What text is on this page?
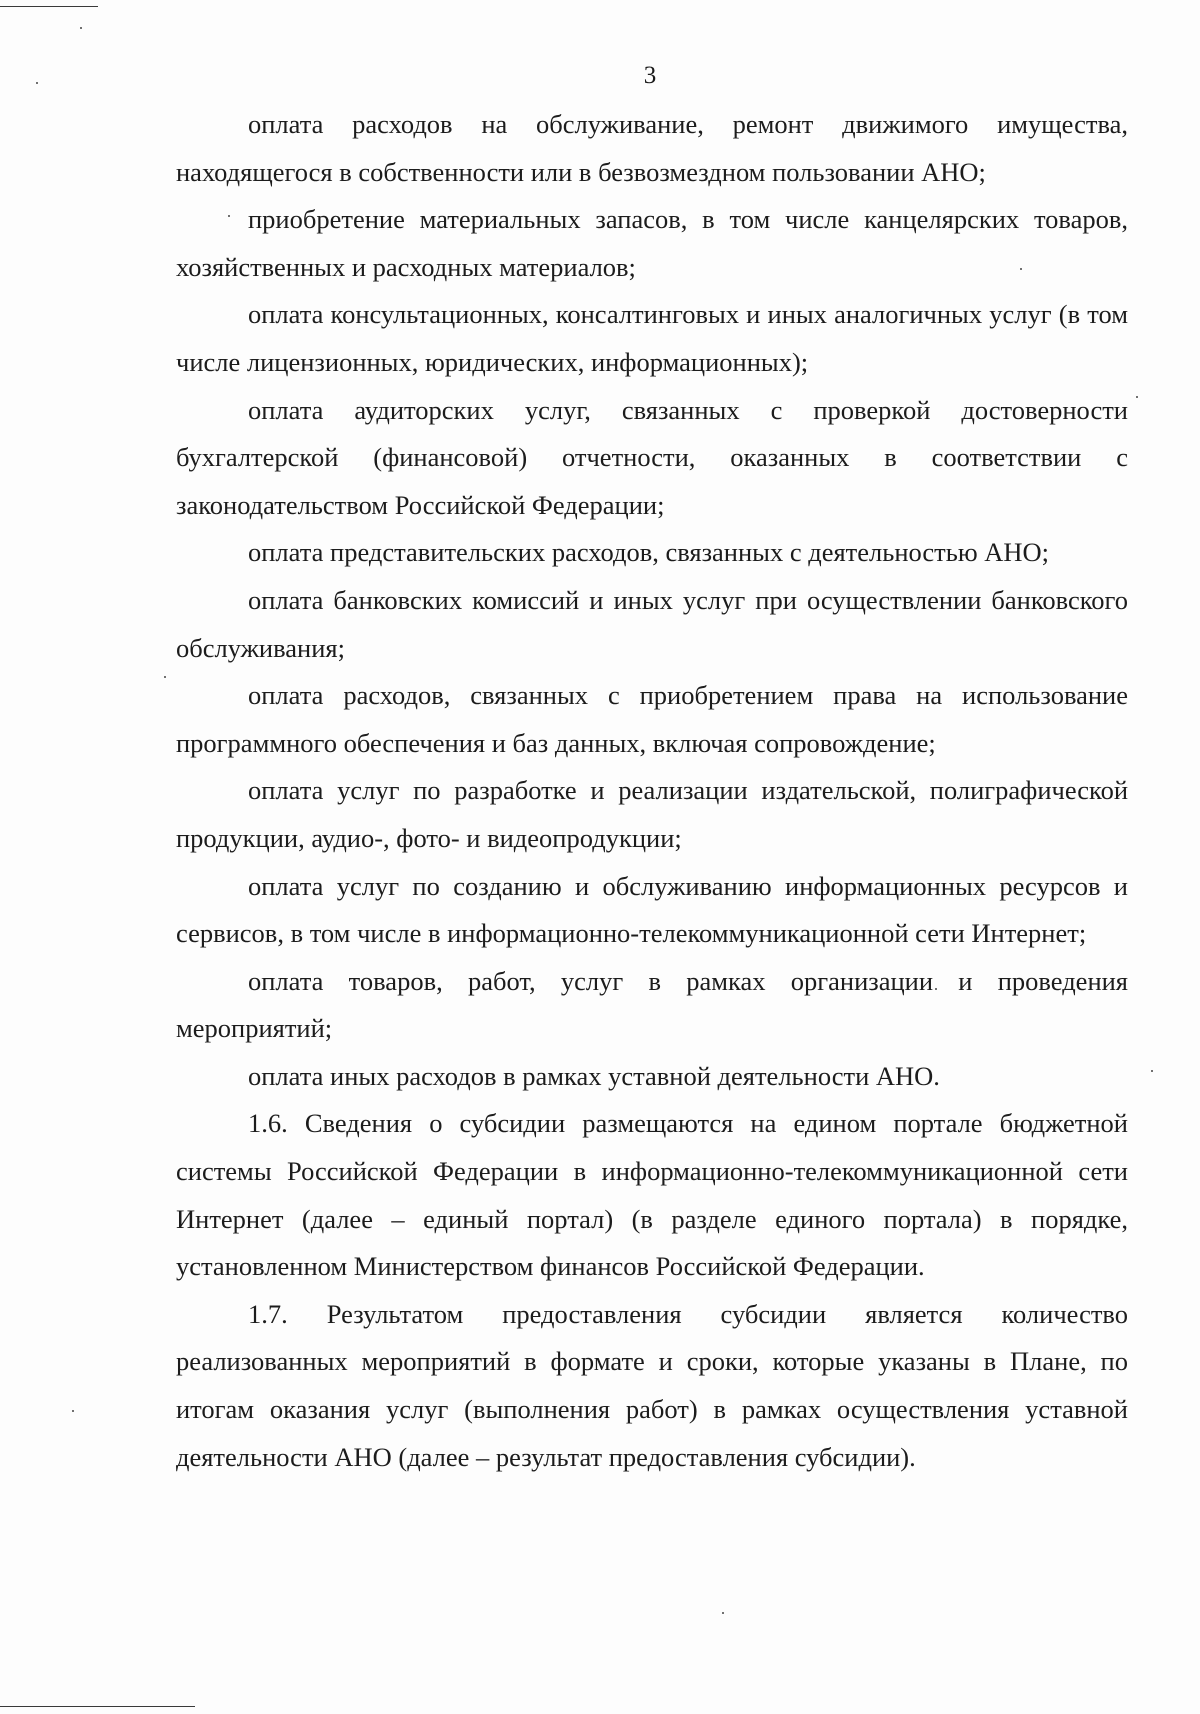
3

оплата расходов на обслуживание, ремонт движимого имущества, находящегося в собственности или в безвозмездном пользовании АНО;

приобретение материальных запасов, в том числе канцелярских товаров, хозяйственных и расходных материалов;

оплата консультационных, консалтинговых и иных аналогичных услуг (в том числе лицензионных, юридических, информационных);

оплата аудиторских услуг, связанных с проверкой достоверности бухгалтерской (финансовой) отчетности, оказанных в соответствии с законодательством Российской Федерации;

оплата представительских расходов, связанных с деятельностью АНО;

оплата банковских комиссий и иных услуг при осуществлении банковского обслуживания;

оплата расходов, связанных с приобретением права на использование программного обеспечения и баз данных, включая сопровождение;

оплата услуг по разработке и реализации издательской, полиграфической продукции, аудио-, фото- и видеопродукции;

оплата услуг по созданию и обслуживанию информационных ресурсов и сервисов, в том числе в информационно-телекоммуникационной сети Интернет;

оплата товаров, работ, услуг в рамках организации и проведения мероприятий;

оплата иных расходов в рамках уставной деятельности АНО.

1.6. Сведения о субсидии размещаются на едином портале бюджетной системы Российской Федерации в информационно-телекоммуникационной сети Интернет (далее – единый портал) (в разделе единого портала) в порядке, установленном Министерством финансов Российской Федерации.

1.7. Результатом предоставления субсидии является количество реализованных мероприятий в формате и сроки, которые указаны в Плане, по итогам оказания услуг (выполнения работ) в рамках осуществления уставной деятельности АНО (далее – результат предоставления субсидии).
